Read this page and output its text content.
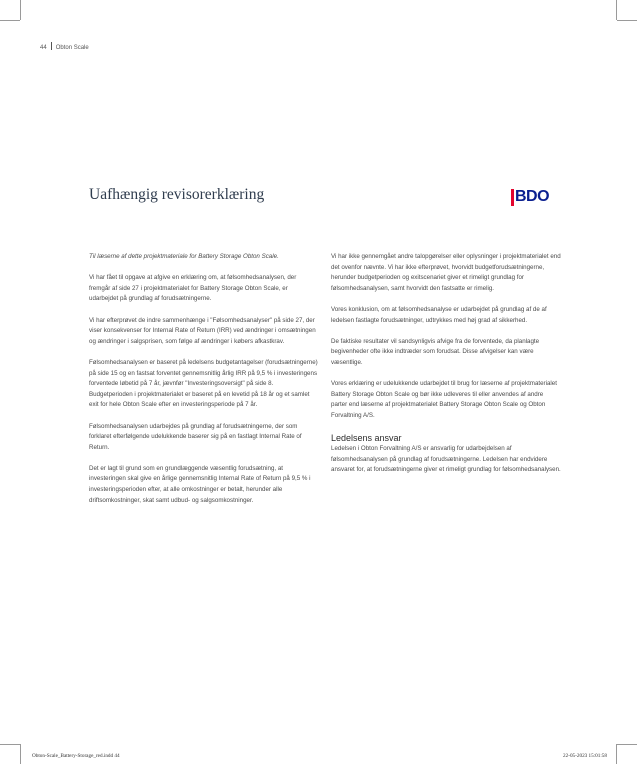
44 Obton Scale
Uafhængig revisorerklæring	BDO

Til læserne af dette projektmateriale for Battery Storage Obton Scale.

Vi har fået til opgave at afgive en erklæring om, at følsomhedsanalysen, der fremgår af side 27 i projektmaterialet for Battery Storage Obton Scale, er udarbejdet på grundlag af forudsætningerne.

Vi har efterprøvet de indre sammenhænge i "Følsomhedsanalyser" på side 27, der viser konsekvenser for Internal Rate of Return (IRR) ved ændringer i omsætningen og ændringer i salgsprisen, som følge af ændringer i købers afkastkrav.

Følsomhedsanalysen er baseret på ledelsens budgetantagelser (forudsætningerne) på side 15 og en fastsat forventet gennemsnitlig årlig IRR på 9,5 % i investeringens forventede løbetid på 7 år, jævnfør "Investeringsoversigt" på side 8. Budgetperioden i projektmaterialet er baseret på en levetid på 18 år og et samlet exit for hele Obton Scale efter en investeringsperiode på 7 år.

Følsomhedsanalysen udarbejdes på grundlag af forudsætningerne, der som forklaret efterfølgende udelukkende baserer sig på en fastlagt Internal Rate of Return.

Det er lagt til grund som en grundlæggende væsentlig forudsætning, at investeringen skal give en årlige gennemsnitlig Internal Rate of Return på 9,5 % i investeringsperioden efter, at alle omkostninger er betalt, herunder alle driftsomkostninger, skat samt udbud- og salgsomkostninger.

Vi har ikke gennemgået andre talopgørelser eller oplysninger i projektmaterialet end det ovenfor nævnte. Vi har ikke efterprøvet, hvorvidt budgetforudsætningerne, herunder budgetperioden og exitscenariet giver et rimeligt grundlag for følsomhedsanalysen, samt hvorvidt den fastsatte er rimelig.

Vores konklusion, om at følsomhedsanalyse er udarbejdet på grundlag af de af ledelsen fastlagte forudsætninger, udtrykkes med høj grad af sikkerhed.

De faktiske resultater vil sandsynligvis afvige fra de forventede, da planlagte begivenheder ofte ikke indtræder som forudsat. Disse afvigelser kan være væsentlige.

Vores erklæring er udelukkende udarbejdet til brug for læserne af projektmaterialet Battery Storage Obton Scale og bør ikke udleveres til eller anvendes af andre parter end læserne af projektmaterialet Battery Storage Obton Scale og Obton Forvaltning A/S.

Ledelsens ansvar

Ledelsen i Obton Forvaltning A/S er ansvarlig for udarbejdelsen af følsomhedsanalysen på grundlag af forudsætningerne. Ledelsen har endvidere ansvaret for, at forudsætningerne giver et rimeligt grundlag for følsomhedsanalysen.

Obton-Scale_Battery-Storage_red.indd 44	22-05-2023 15:01:58
